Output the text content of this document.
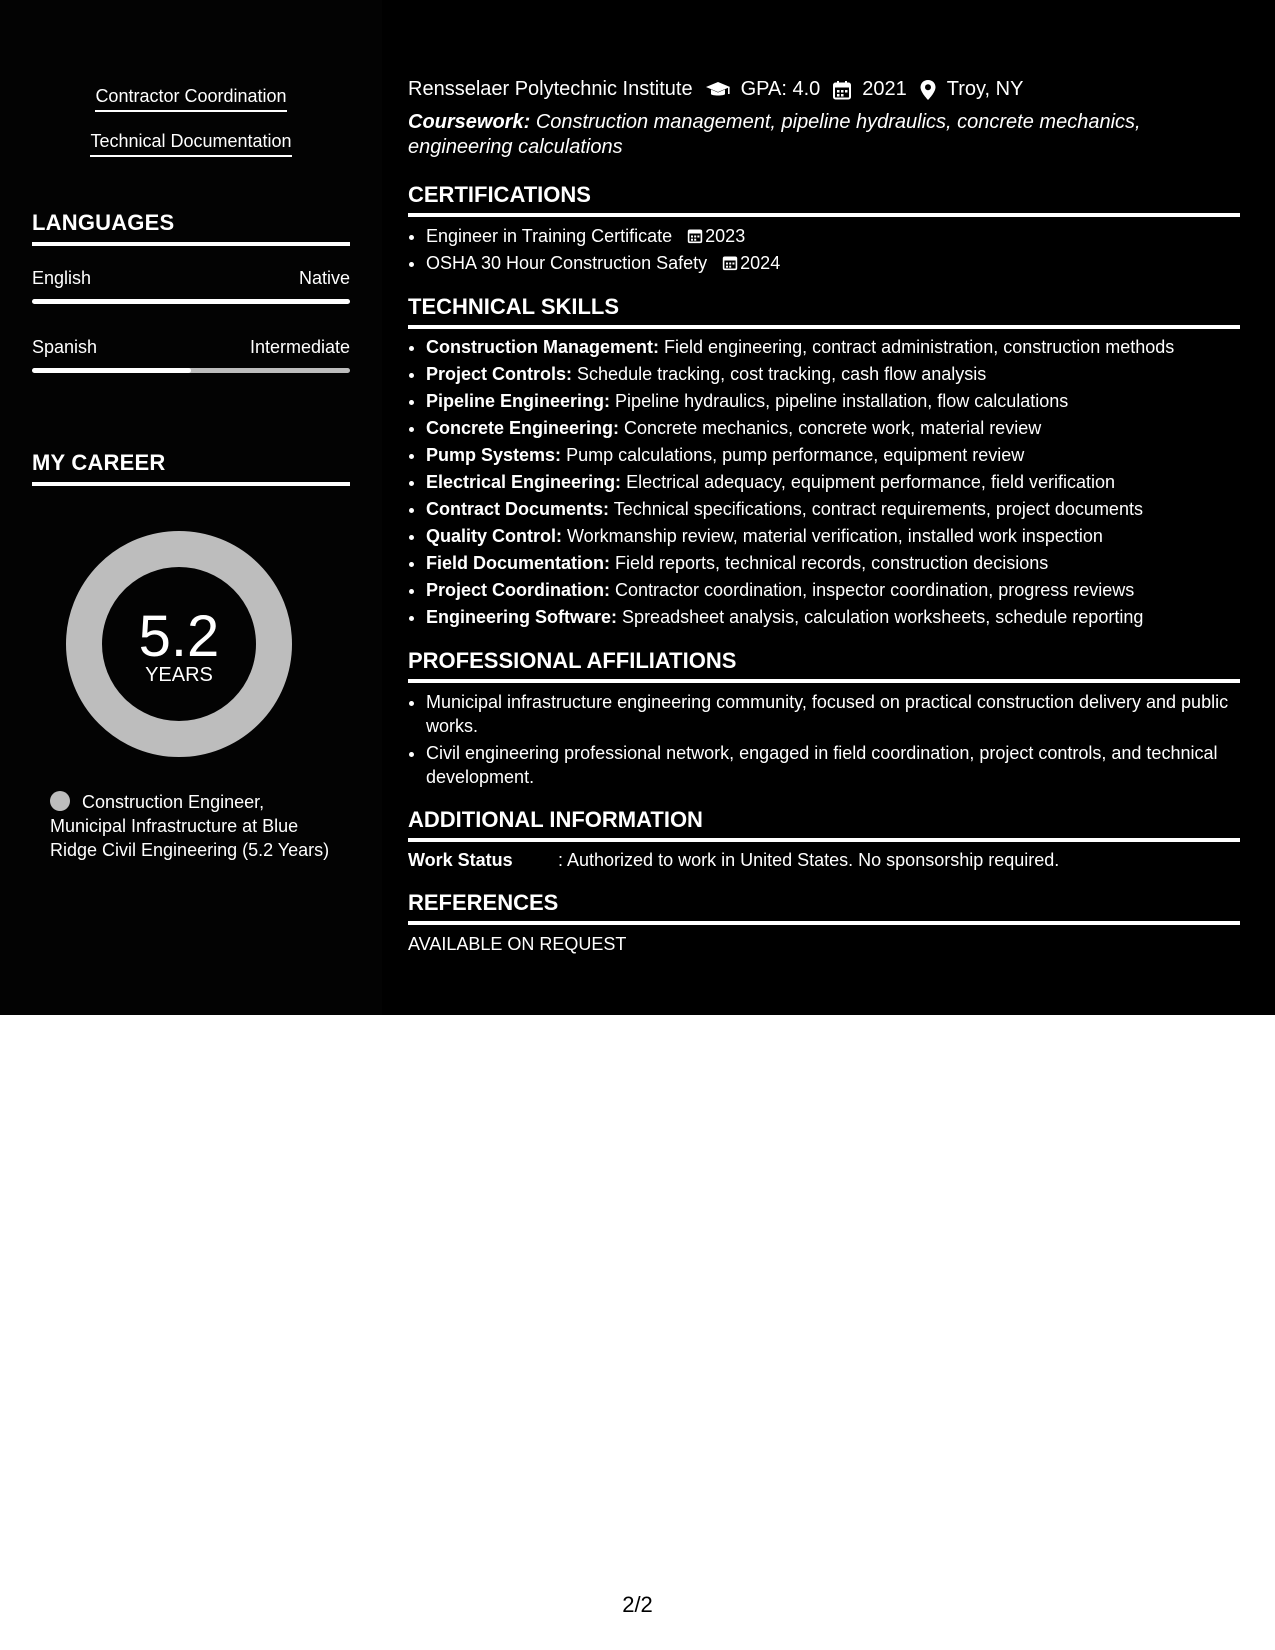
Contractor Coordination
Technical Documentation
LANGUAGES
English	Native
Spanish	Intermediate
MY CAREER
5.2
YEARS
Construction Engineer, Municipal Infrastructure at Blue Ridge Civil Engineering (5.2 Years)
Rensselaer Polytechnic Institute GPA: 4.0 2021 Troy, NY
Coursework: Construction management, pipeline hydraulics, concrete mechanics, engineering calculations
CERTIFICATIONS
• Engineer in Training Certificate 2023
• OSHA 30 Hour Construction Safety 2024
TECHNICAL SKILLS
• Construction Management: Field engineering, contract administration, construction methods
• Project Controls: Schedule tracking, cost tracking, cash flow analysis
• Pipeline Engineering: Pipeline hydraulics, pipeline installation, flow calculations
• Concrete Engineering: Concrete mechanics, concrete work, material review
• Pump Systems: Pump calculations, pump performance, equipment review
• Electrical Engineering: Electrical adequacy, equipment performance, field verification
• Contract Documents: Technical specifications, contract requirements, project documents
• Quality Control: Workmanship review, material verification, installed work inspection
• Field Documentation: Field reports, technical records, construction decisions
• Project Coordination: Contractor coordination, inspector coordination, progress reviews
• Engineering Software: Spreadsheet analysis, calculation worksheets, schedule reporting
PROFESSIONAL AFFILIATIONS
• Municipal infrastructure engineering community, focused on practical construction delivery and public works.
• Civil engineering professional network, engaged in field coordination, project controls, and technical development.
ADDITIONAL INFORMATION
Work Status	: Authorized to work in United States. No sponsorship required.
REFERENCES
AVAILABLE ON REQUEST
2/2
